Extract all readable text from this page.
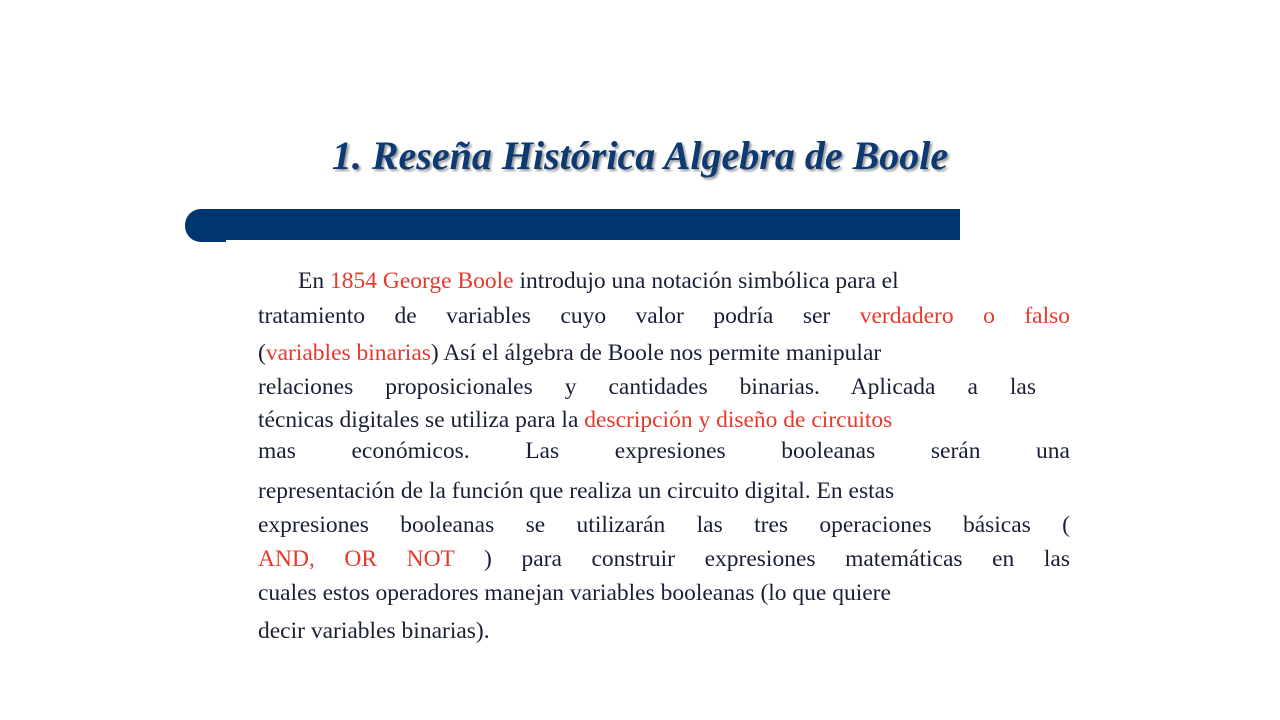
1. Reseña Histórica Algebra de Boole
En 1854 George Boole introdujo una notación simbólica para el
tratamiento de variables cuyo valor podría ser verdadero o falso
(variables binarias) Así el álgebra de Boole nos permite manipular
relaciones proposicionales y cantidades binarias. Aplicada a las
técnicas digitales se utiliza para la descripción y diseño de circuitos
mas económicos. Las expresiones booleanas serán una
representación de la función que realiza un circuito digital. En estas
expresiones booleanas se utilizarán las tres operaciones básicas (
AND, OR NOT ) para construir expresiones matemáticas en las
cuales estos operadores manejan variables booleanas (lo que quiere
decir variables binarias).
